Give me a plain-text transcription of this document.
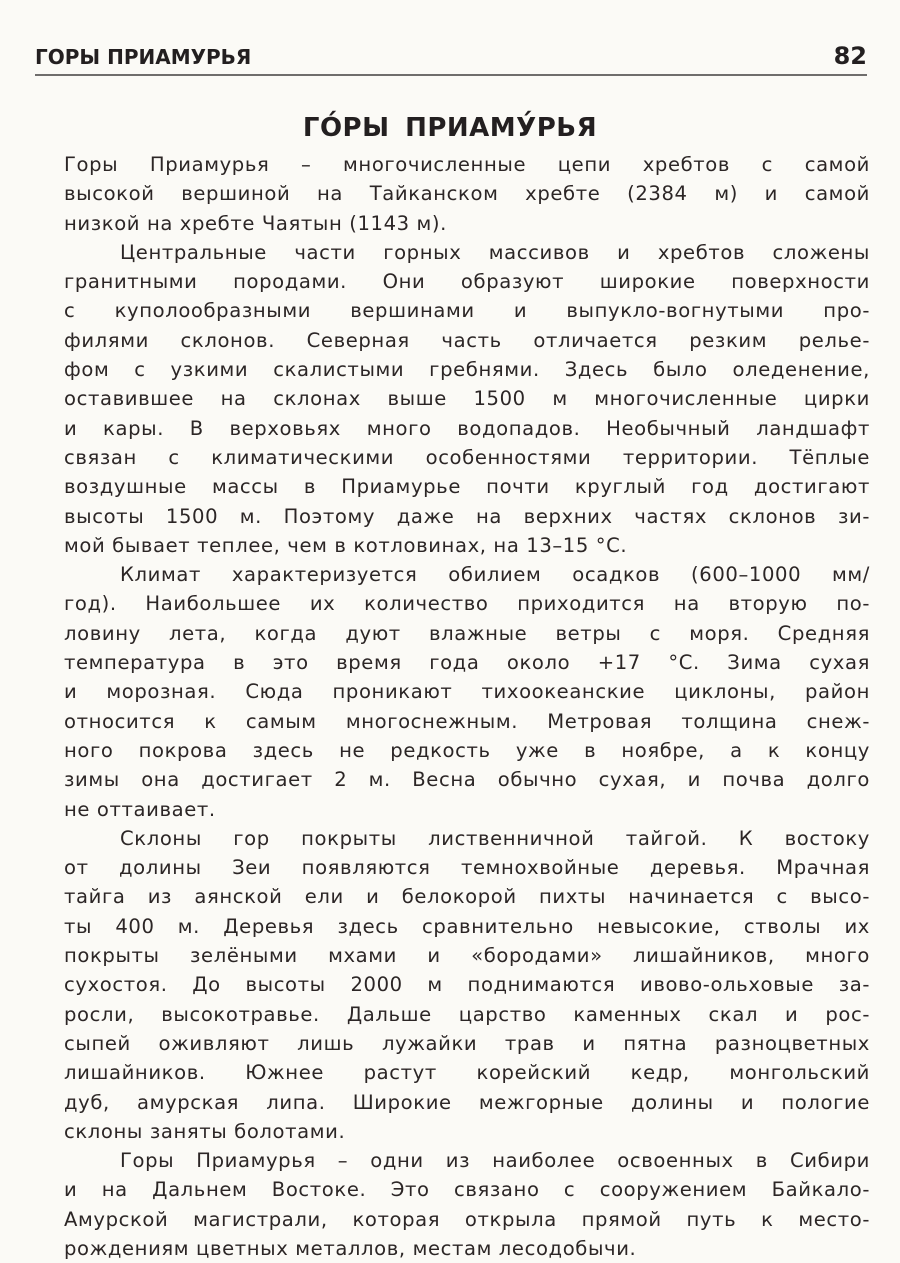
ГОРЫ ПРИАМУРЬЯ	82
ГО́РЫ ПРИАМУ́РЬЯ
Горы Приамурья – многочисленные цепи хребтов с самой
высокой вершиной на Тайканском хребте (2384 м) и самой
низкой на хребте Чаятын (1143 м).
Центральные части горных массивов и хребтов сложены
гранитными породами. Они образуют широкие поверхности
с куполообразными вершинами и выпукло-вогнутыми про-
филями склонов. Северная часть отличается резким релье-
фом с узкими скалистыми гребнями. Здесь было оледенение,
оставившее на склонах выше 1500 м многочисленные цирки
и кары. В верховьях много водопадов. Необычный ландшафт
связан с климатическими особенностями территории. Тёплые
воздушные массы в Приамурье почти круглый год достигают
высоты 1500 м. Поэтому даже на верхних частях склонов зи-
мой бывает теплее, чем в котловинах, на 13–15 °С.
Климат характеризуется обилием осадков (600–1000 мм/
год). Наибольшее их количество приходится на вторую по-
ловину лета, когда дуют влажные ветры с моря. Средняя
температура в это время года около +17 °С. Зима сухая
и морозная. Сюда проникают тихоокеанские циклоны, район
относится к самым многоснежным. Метровая толщина снеж-
ного покрова здесь не редкость уже в ноябре, а к концу
зимы она достигает 2 м. Весна обычно сухая, и почва долго
не оттаивает.
Склоны гор покрыты лиственничной тайгой. К востоку
от долины Зеи появляются темнохвойные деревья. Мрачная
тайга из аянской ели и белокорой пихты начинается с высо-
ты 400 м. Деревья здесь сравнительно невысокие, стволы их
покрыты зелёными мхами и «бородами» лишайников, много
сухостоя. До высоты 2000 м поднимаются ивово-ольховые за-
росли, высокотравье. Дальше царство каменных скал и рос-
сыпей оживляют лишь лужайки трав и пятна разноцветных
лишайников. Южнее растут корейский кедр, монгольский
дуб, амурская липа. Широкие межгорные долины и пологие
склоны заняты болотами.
Горы Приамурья – одни из наиболее освоенных в Сибири
и на Дальнем Востоке. Это связано с сооружением Байкало-
Амурской магистрали, которая открыла прямой путь к место-
рождениям цветных металлов, местам лесодобычи.
